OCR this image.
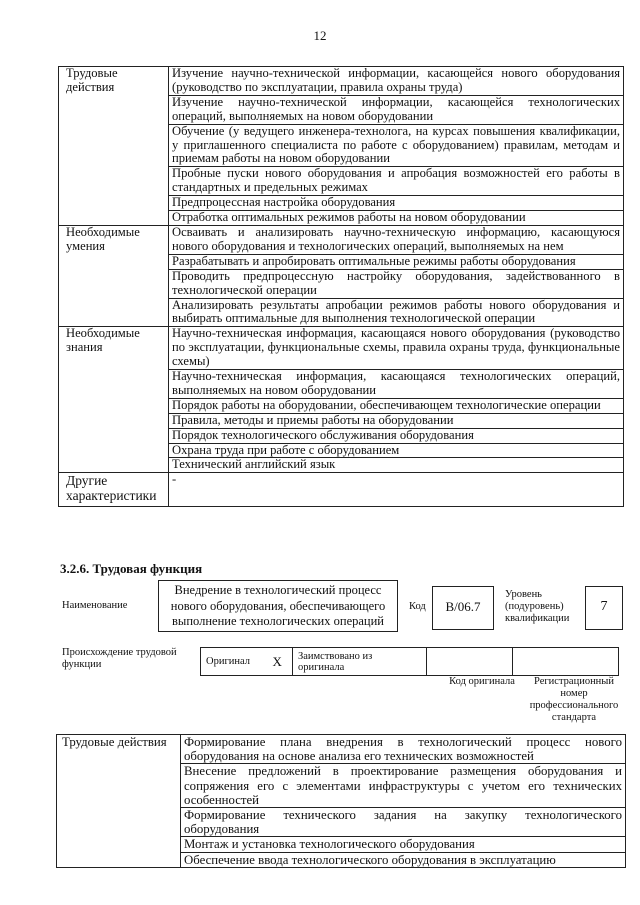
12
Трудовые действия	Изучение научно-технической информации, касающейся нового оборудования (руководство по эксплуатации, правила охраны труда)
	Изучение научно-технической информации, касающейся технологических операций, выполняемых на новом оборудовании
	Обучение (у ведущего инженера-технолога, на курсах повышения квалификации, у приглашенного специалиста по работе с оборудованием) правилам, методам и приемам работы на новом оборудовании
	Пробные пуски нового оборудования и апробация возможностей его работы в стандартных и предельных режимах
	Предпроцессная настройка оборудования
	Отработка оптимальных режимов работы на новом оборудовании
Необходимые умения	Осваивать и анализировать научно-техническую информацию, касающуюся нового оборудования и технологических операций, выполняемых на нем
	Разрабатывать и апробировать оптимальные режимы работы оборудования
	Проводить предпроцессную настройку оборудования, задействованного в технологической операции
	Анализировать результаты апробации режимов работы нового оборудования и выбирать оптимальные для выполнения технологической операции
Необходимые знания	Научно-техническая информация, касающаяся нового оборудования (руководство по эксплуатации, функциональные схемы, правила охраны труда, функциональные схемы)
	Научно-техническая информация, касающаяся технологических операций, выполняемых на новом оборудовании
	Порядок работы на оборудовании, обеспечивающем технологические операции
	Правила, методы и приемы работы на оборудовании
	Порядок технологического обслуживания оборудования
	Охрана труда при работе с оборудованием
	Технический английский язык
Другие характеристики	-
3.2.6. Трудовая функция
Наименование
Внедрение в технологический процесс нового оборудования, обеспечивающего выполнение технологических операций
Код	B/06.7
Уровень (подуровень) квалификации
7
Происхождение трудовой функции	Оригинал	X	Заимствовано из оригинала		
Код оригинала	Регистрационный номер профессионального стандарта
Трудовые действия	Формирование плана внедрения в технологический процесс нового оборудования на основе анализа его технических возможностей
Внесение предложений в проектирование размещения оборудования и сопряжения его с элементами инфраструктуры с учетом его технических особенностей
Формирование технического задания на закупку технологического оборудования
Монтаж и установка технологического оборудования
Обеспечение ввода технологического оборудования в эксплуатацию
